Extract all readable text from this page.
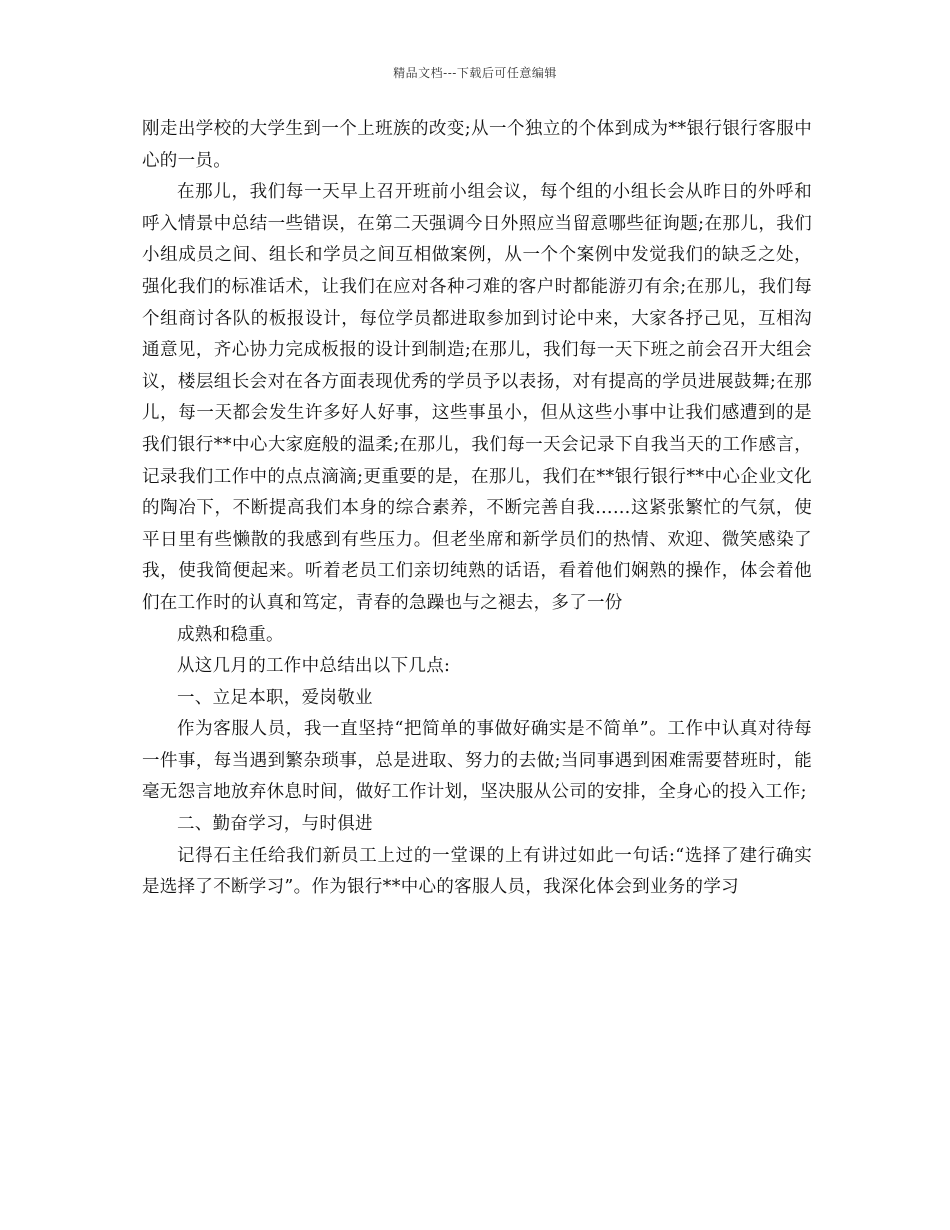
精品文档---下载后可任意编辑

刚走出学校的大学生到一个上班族的改变;从一个独立的个体到成为**银行银行客服中心的一员。

在那儿，我们每一天早上召开班前小组会议，每个组的小组长会从昨日的外呼和呼入情景中总结一些错误，在第二天强调今日外照应当留意哪些征询题;在那儿，我们小组成员之间、组长和学员之间互相做案例，从一个个案例中发觉我们的缺乏之处，强化我们的标准话术，让我们在应对各种刁难的客户时都能游刃有余;在那儿，我们每个组商讨各队的板报设计，每位学员都进取参加到讨论中来，大家各抒己见，互相沟通意见，齐心协力完成板报的设计到制造;在那儿，我们每一天下班之前会召开大组会议，楼层组长会对在各方面表现优秀的学员予以表扬，对有提高的学员进展鼓舞;在那儿，每一天都会发生许多好人好事，这些事虽小，但从这些小事中让我们感遭到的是我们银行**中心大家庭般的温柔;在那儿，我们每一天会记录下自我当天的工作感言，记录我们工作中的点点滴滴;更重要的是，在那儿，我们在**银行银行**中心企业文化的陶冶下，不断提高我们本身的综合素养，不断完善自我……这紧张繁忙的气氛，使平日里有些懒散的我感到有些压力。但老坐席和新学员们的热情、欢迎、微笑感染了我，使我简便起来。听着老员工们亲切纯熟的话语，看着他们娴熟的操作，体会着他们在工作时的认真和笃定，青春的急躁也与之褪去，多了一份

成熟和稳重。

从这几月的工作中总结出以下几点:

一、立足本职，爱岗敬业

作为客服人员，我一直坚持“把简单的事做好确实是不简单”。工作中认真对待每一件事，每当遇到繁杂琐事，总是进取、努力的去做;当同事遇到困难需要替班时，能毫无怨言地放弃休息时间，做好工作计划，坚决服从公司的安排，全身心的投入工作;

二、勤奋学习，与时俱进

记得石主任给我们新员工上过的一堂课的上有讲过如此一句话:“选择了建行确实是选择了不断学习”。作为银行**中心的客服人员，我深化体会到业务的学习
